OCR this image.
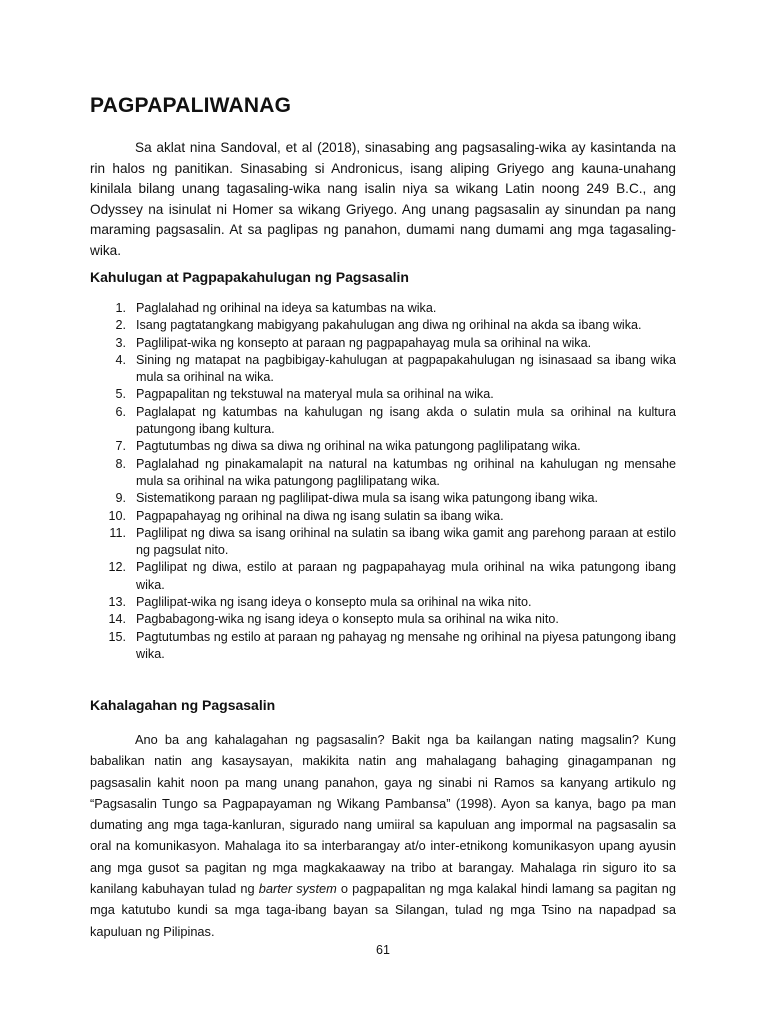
PAGPAPALIWANAG

Sa aklat nina Sandoval, et al (2018), sinasabing ang pagsasaling-wika ay kasintanda na rin halos ng panitikan. Sinasabing si Andronicus, isang aliping Griyego ang kauna-unahang kinilala bilang unang tagasaling-wika nang isalin niya sa wikang Latin noong 249 B.C., ang Odyssey na isinulat ni Homer sa wikang Griyego. Ang unang pagsasalin ay sinundan pa nang maraming pagsasalin. At sa paglipas ng panahon, dumami nang dumami ang mga tagasaling-wika.

Kahulugan at Pagpapakahulugan ng Pagsasalin
1. Paglalahad ng orihinal na ideya sa katumbas na wika.
2. Isang pagtatangkang mabigyang pakahulugan ang diwa ng orihinal na akda sa ibang wika.
3. Paglilipat-wika ng konsepto at paraan ng pagpapahayag mula sa orihinal na wika.
4. Sining ng matapat na pagbibigay-kahulugan at pagpapakahulugan ng isinasaad sa ibang wika mula sa orihinal na wika.
5. Pagpapalitan ng tekstuwal na materyal mula sa orihinal na wika.
6. Paglalapat ng katumbas na kahulugan ng isang akda o sulatin mula sa orihinal na kultura patungong ibang kultura.
7. Pagtutumbas ng diwa sa diwa ng orihinal na wika patungong paglilipatang wika.
8. Paglalahad ng pinakamalapit na natural na katumbas ng orihinal na kahulugan ng mensahe mula sa orihinal na wika patungong paglilipatang wika.
9. Sistematikong paraan ng paglilipat-diwa mula sa isang wika patungong ibang wika.
10. Pagpapahayag ng orihinal na diwa ng isang sulatin sa ibang wika.
11. Paglilipat ng diwa sa isang orihinal na sulatin sa ibang wika gamit ang parehong paraan at estilo ng pagsulat nito.
12. Paglilipat ng diwa, estilo at paraan ng pagpapahayag mula orihinal na wika patungong ibang wika.
13. Paglilipat-wika ng isang ideya o konsepto mula sa orihinal na wika nito.
14. Pagbabagong-wika ng isang ideya o konsepto mula sa orihinal na wika nito.
15. Pagtutumbas ng estilo at paraan ng pahayag ng mensahe ng orihinal na piyesa patungong ibang wika.
Kahalagahan ng Pagsasalin

Ano ba ang kahalagahan ng pagsasalin? Bakit nga ba kailangan nating magsalin? Kung babalikan natin ang kasaysayan, makikita natin ang mahalagang bahaging ginagampanan ng pagsasalin kahit noon pa mang unang panahon, gaya ng sinabi ni Ramos sa kanyang artikulo ng “Pagsasalin Tungo sa Pagpapayaman ng Wikang Pambansa” (1998). Ayon sa kanya, bago pa man dumating ang mga taga-kanluran, sigurado nang umiiral sa kapuluan ang impormal na pagsasalin sa oral na komunikasyon. Mahalaga ito sa interbarangay at/o inter-etnikong komunikasyon upang ayusin ang mga gusot sa pagitan ng mga magkakaaway na tribo at barangay. Mahalaga rin siguro ito sa kanilang kabuhayan tulad ng barter system o pagpapalitan ng mga kalakal hindi lamang sa pagitan ng mga katutubo kundi sa mga taga-ibang bayan sa Silangan, tulad ng mga Tsino na napadpad sa kapuluan ng Pilipinas.

61
